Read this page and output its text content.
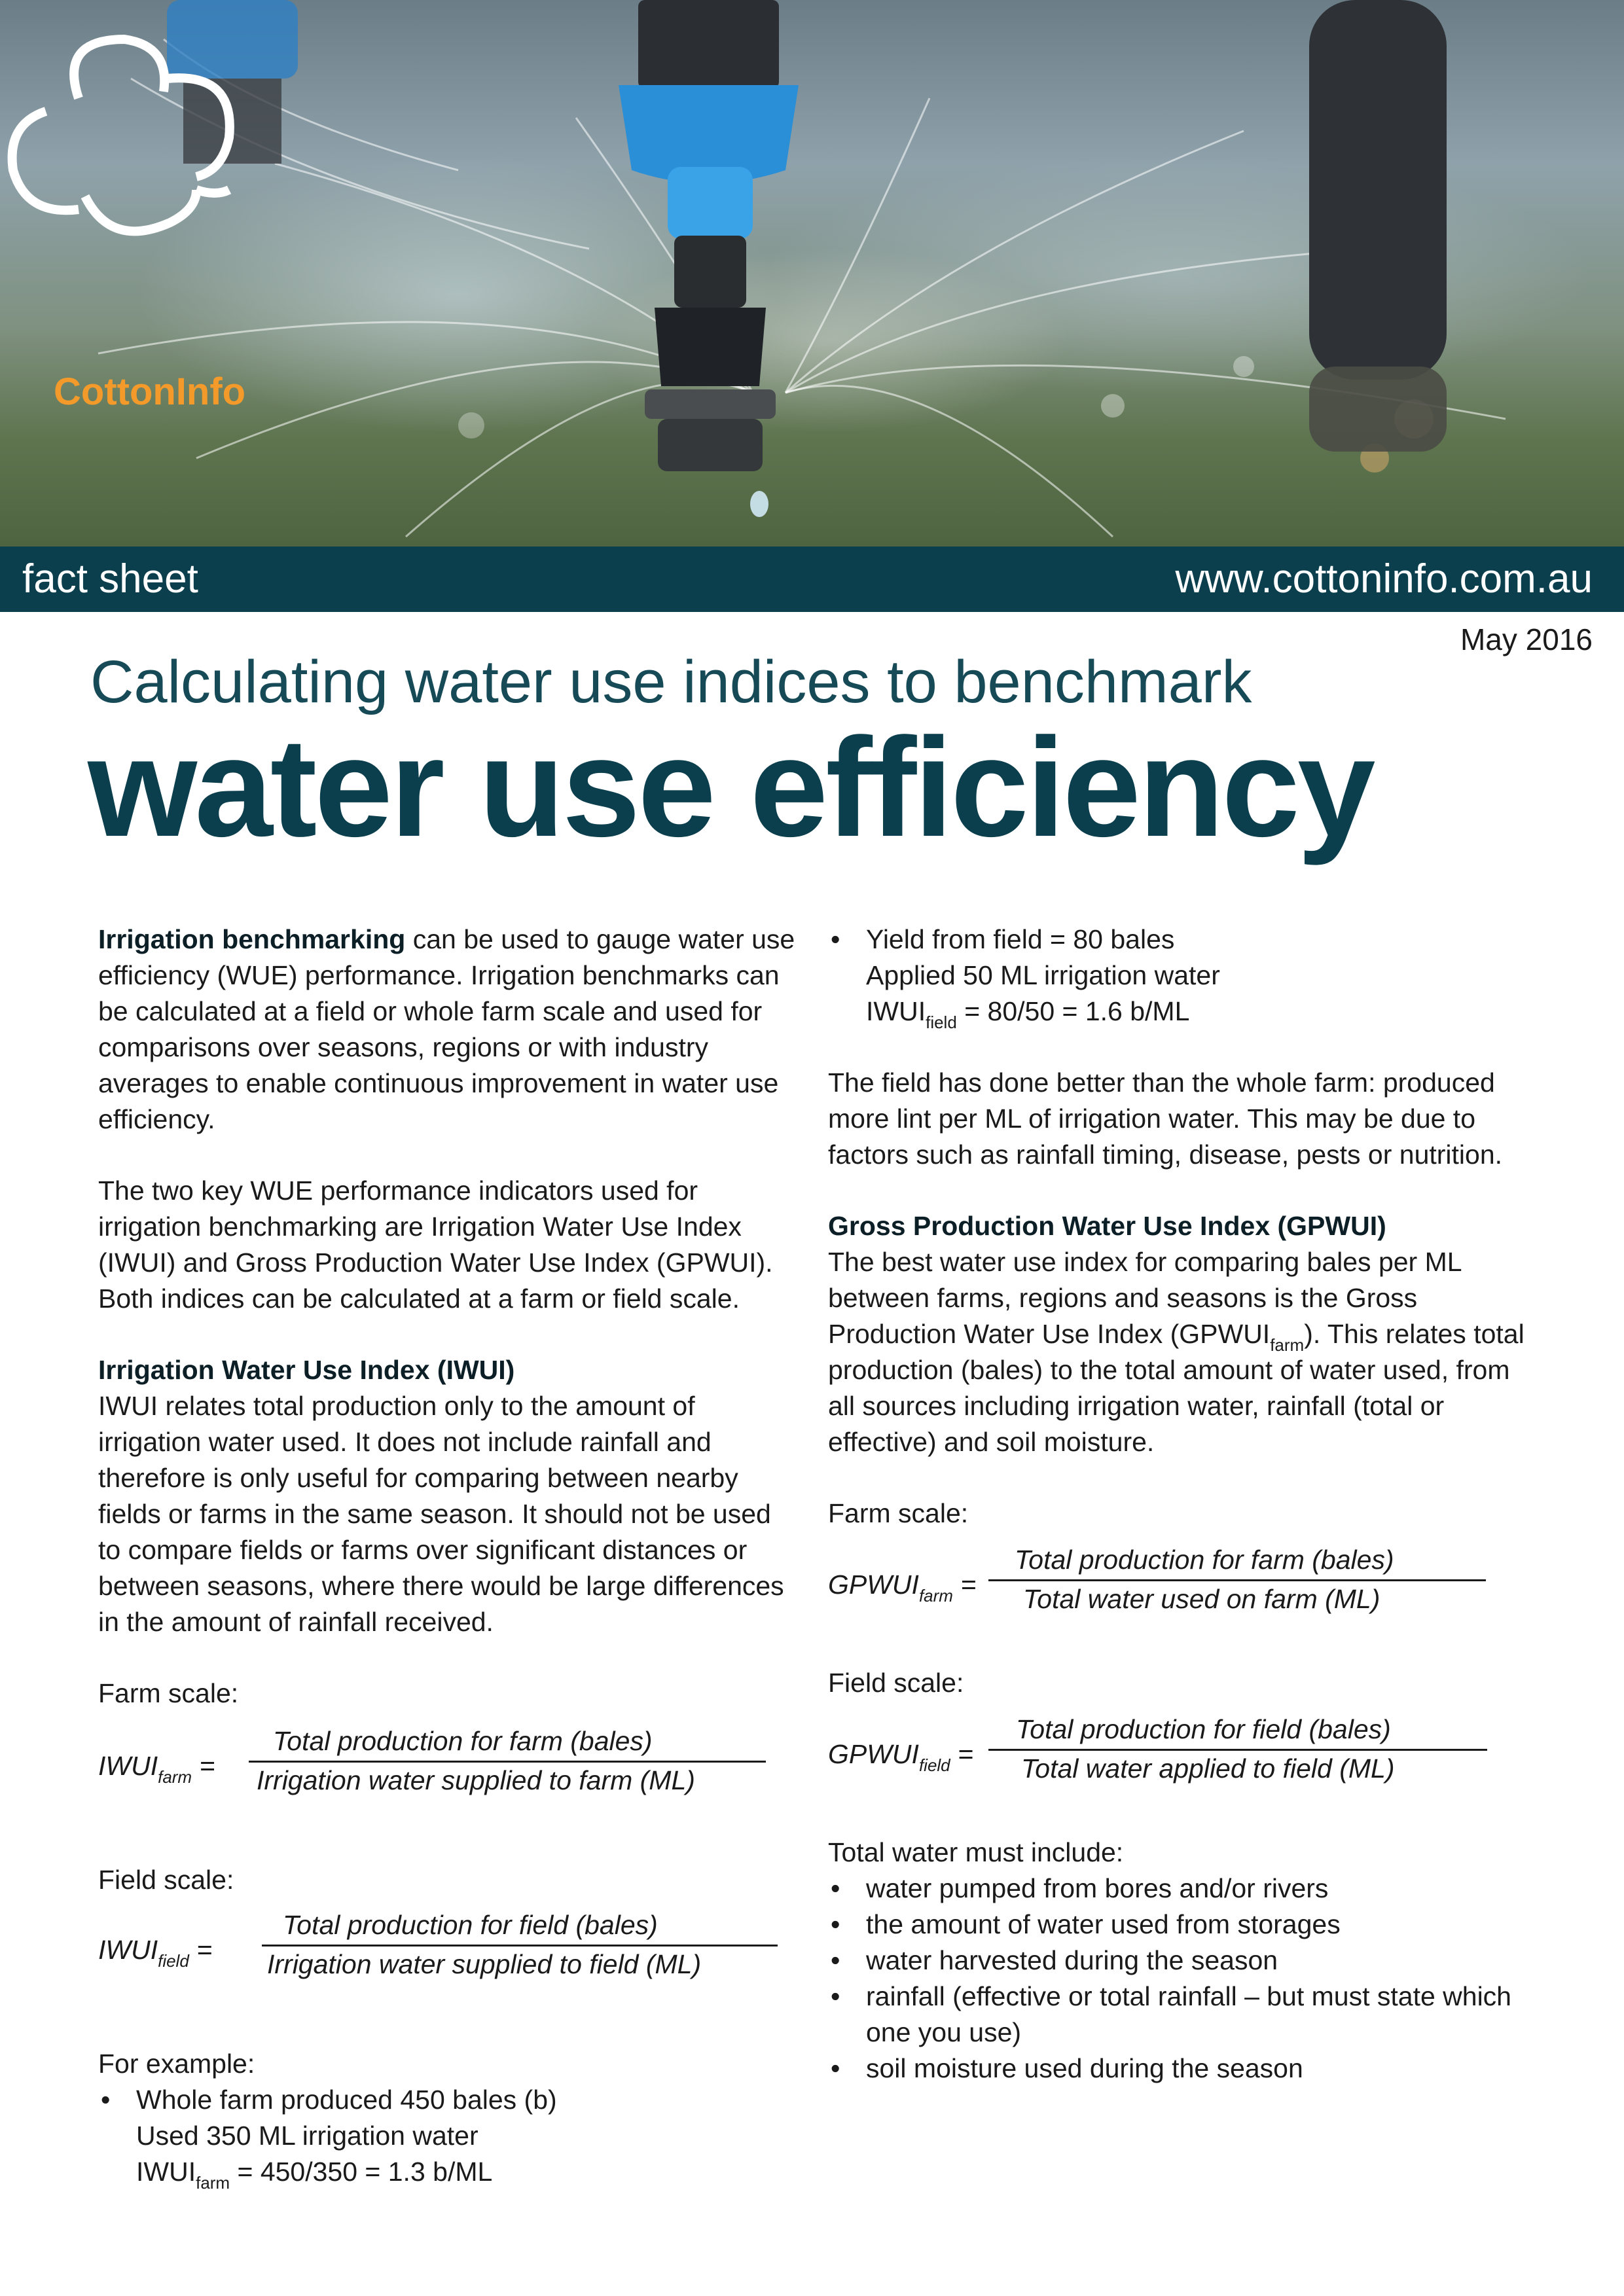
CottonInfo
fact sheet	www.cottoninfo.com.au
May 2016
Calculating water use indices to benchmark
water use efficiency

Irrigation benchmarking can be used to gauge water use efficiency (WUE) performance. Irrigation benchmarks can be calculated at a field or whole farm scale and used for comparisons over seasons, regions or with industry averages to enable continuous improvement in water use efficiency.

The two key WUE performance indicators used for irrigation benchmarking are Irrigation Water Use Index (IWUI) and Gross Production Water Use Index (GPWUI). Both indices can be calculated at a farm or field scale.

Irrigation Water Use Index (IWUI)

IWUI relates total production only to the amount of irrigation water used. It does not include rainfall and therefore is only useful for comparing between nearby fields or farms in the same season. It should not be used to compare fields or farms over significant distances or between seasons, where there would be large differences in the amount of rainfall received.

Farm scale:

$IWUI_{farm}$ =
Total production for farm (bales)
Irrigation water supplied to farm (ML)

Field scale:

$IWUI_{field}$ =
Total production for field (bales)
Irrigation water supplied to field (ML)

For example:

• Whole farm produced 450 bales (b)
Used 350 ML irrigation water
$IWUI_{farm} = 450/350 = 1.3$ b/ML
• Yield from field = 80 bales
Applied 50 ML irrigation water
$IWUI_{field} = 80/50 = 1.6$ b/ML

The field has done better than the whole farm: produced more lint per ML of irrigation water. This may be due to factors such as rainfall timing, disease, pests or nutrition.

Gross Production Water Use Index (GPWUI)

The best water use index for comparing bales per ML between farms, regions and seasons is the Gross Production Water Use Index $(GPWUI_{farm})$. This relates total production (bales) to the total amount of water used, from all sources including irrigation water, rainfall (total or effective) and soil moisture.

Farm scale:

$GPWUI_{farm}$ =
Total production for farm (bales)
Total water used on farm (ML)

Field scale:

$GPWUI_{field}$ =
Total production for field (bales)
Total water applied to field (ML)

Total water must include:

• water pumped from bores and/or rivers
• the amount of water used from storages
• water harvested during the season
• rainfall (effective or total rainfall – but must state which one you use)
• soil moisture used during the season
